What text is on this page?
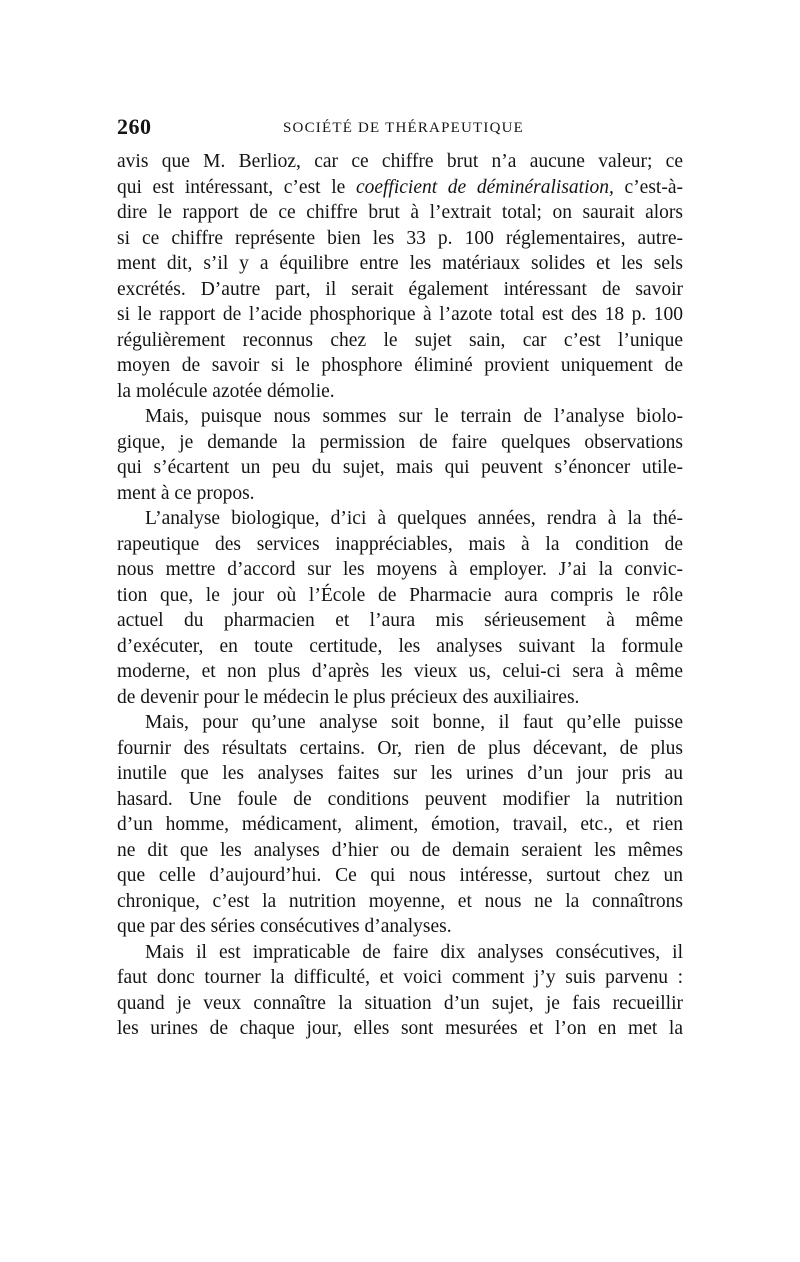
260	SOCIÉTÉ DE THÉRAPEUTIQUE
avis que M. Berlioz, car ce chiffre brut n’a aucune valeur; ce
qui est intéressant, c’est le coefficient de déminéralisation, c’est-à-
dire le rapport de ce chiffre brut à l’extrait total; on saurait alors
si ce chiffre représente bien les 33 p. 100 réglementaires, autre-
ment dit, s’il y a équilibre entre les matériaux solides et les sels
excrétés. D’autre part, il serait également intéressant de savoir
si le rapport de l’acide phosphorique à l’azote total est des 18 p. 100
régulièrement reconnus chez le sujet sain, car c’est l’unique
moyen de savoir si le phosphore éliminé provient uniquement de
la molécule azotée démolie.
Mais, puisque nous sommes sur le terrain de l’analyse biolo-
gique, je demande la permission de faire quelques observations
qui s’écartent un peu du sujet, mais qui peuvent s’énoncer utile-
ment à ce propos.
L’analyse biologique, d’ici à quelques années, rendra à la thé-
rapeutique des services inappréciables, mais à la condition de
nous mettre d’accord sur les moyens à employer. J’ai la convic-
tion que, le jour où l’École de Pharmacie aura compris le rôle
actuel du pharmacien et l’aura mis sérieusement à même
d’exécuter, en toute certitude, les analyses suivant la formule
moderne, et non plus d’après les vieux us, celui-ci sera à même
de devenir pour le médecin le plus précieux des auxiliaires.
Mais, pour qu’une analyse soit bonne, il faut qu’elle puisse
fournir des résultats certains. Or, rien de plus décevant, de plus
inutile que les analyses faites sur les urines d’un jour pris au
hasard. Une foule de conditions peuvent modifier la nutrition
d’un homme, médicament, aliment, émotion, travail, etc., et rien
ne dit que les analyses d’hier ou de demain seraient les mêmes
que celle d’aujourd’hui. Ce qui nous intéresse, surtout chez un
chronique, c’est la nutrition moyenne, et nous ne la connaîtrons
que par des séries consécutives d’analyses.
Mais il est impraticable de faire dix analyses consécutives, il
faut donc tourner la difficulté, et voici comment j’y suis parvenu :
quand je veux connaître la situation d’un sujet, je fais recueillir
les urines de chaque jour, elles sont mesurées et l’on en met la
